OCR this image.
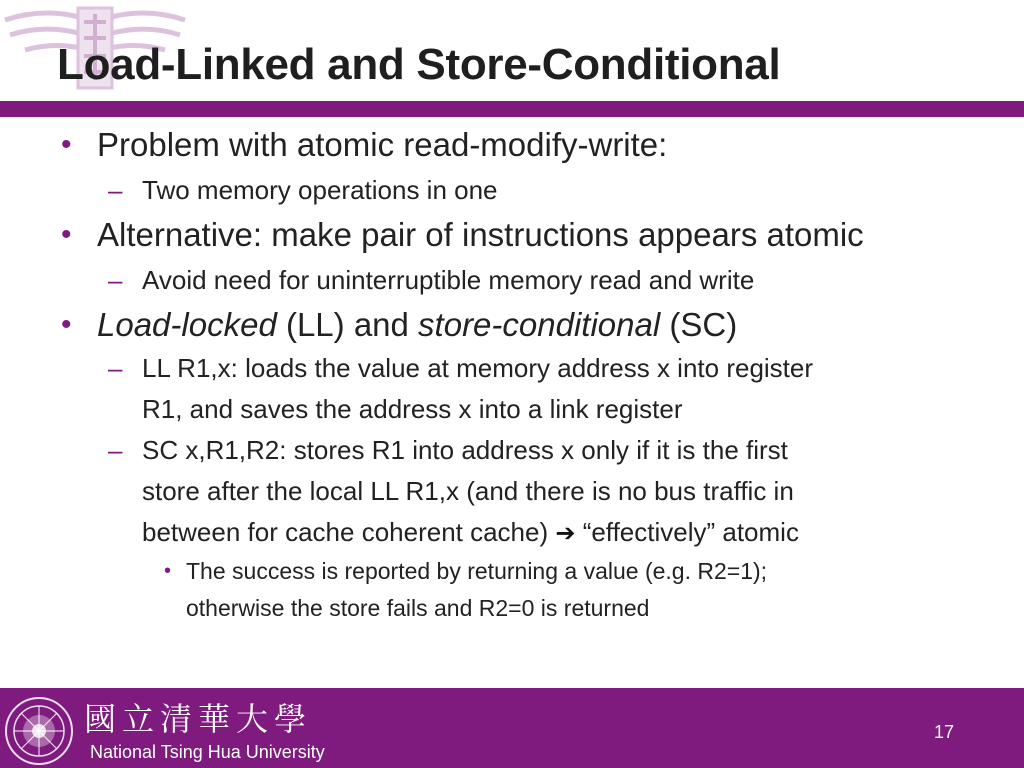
Load-Linked and Store-Conditional
• Problem with atomic read-modify-write:
– Two memory operations in one
• Alternative: make pair of instructions appears atomic
– Avoid need for uninterruptible memory read and write
• Load-locked (LL) and store-conditional (SC)
– LL R1,x: loads the value at memory address x into register
R1, and saves the address x into a link register
– SC x,R1,R2: stores R1 into address x only if it is the first
store after the local LL R1,x (and there is no bus traffic in
between for cache coherent cache) ➔ “effectively” atomic
• The success is reported by returning a value (e.g. R2=1);
otherwise the store fails and R2=0 is returned
國立清華大學
National Tsing Hua University
17
